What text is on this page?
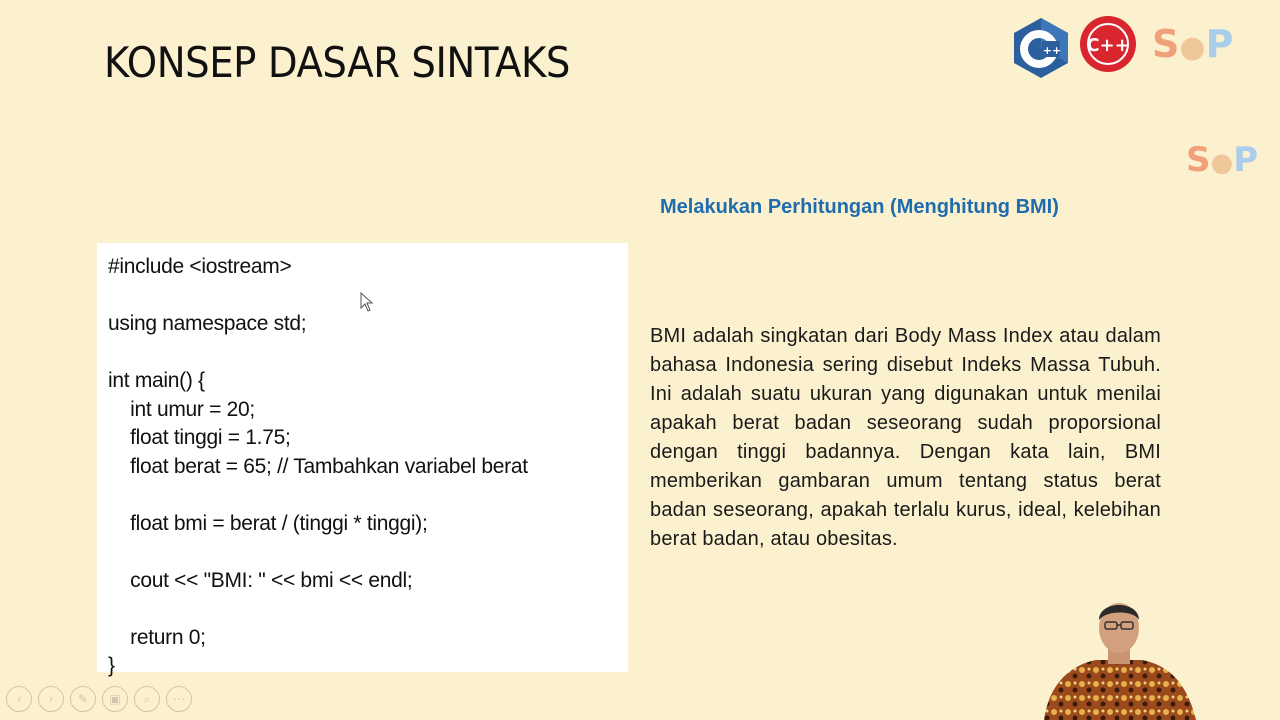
KONSEP DASAR SINTAKS	++ C++ S●P
S●P
Melakukan Perhitungan (Menghitung BMI)
#include <iostream>
using namespace std;
int main() {
int umur = 20;
float tinggi = 1.75;
float berat = 65; // Tambahkan variabel berat
float bmi = berat / (tinggi * tinggi);
cout << "BMI: " << bmi << endl;
return 0;
}
BMI adalah singkatan dari Body Mass Index atau dalam bahasa Indonesia sering disebut Indeks Massa Tubuh. Ini adalah suatu ukuran yang digunakan untuk menilai apakah berat badan seseorang sudah proporsional dengan tinggi badannya. Dengan kata lain, BMI memberikan gambaran umum tentang status berat badan seseorang, apakah terlalu kurus, ideal, kelebihan berat badan, atau obesitas.
‹	›	✎	▣	⌕	⋯
